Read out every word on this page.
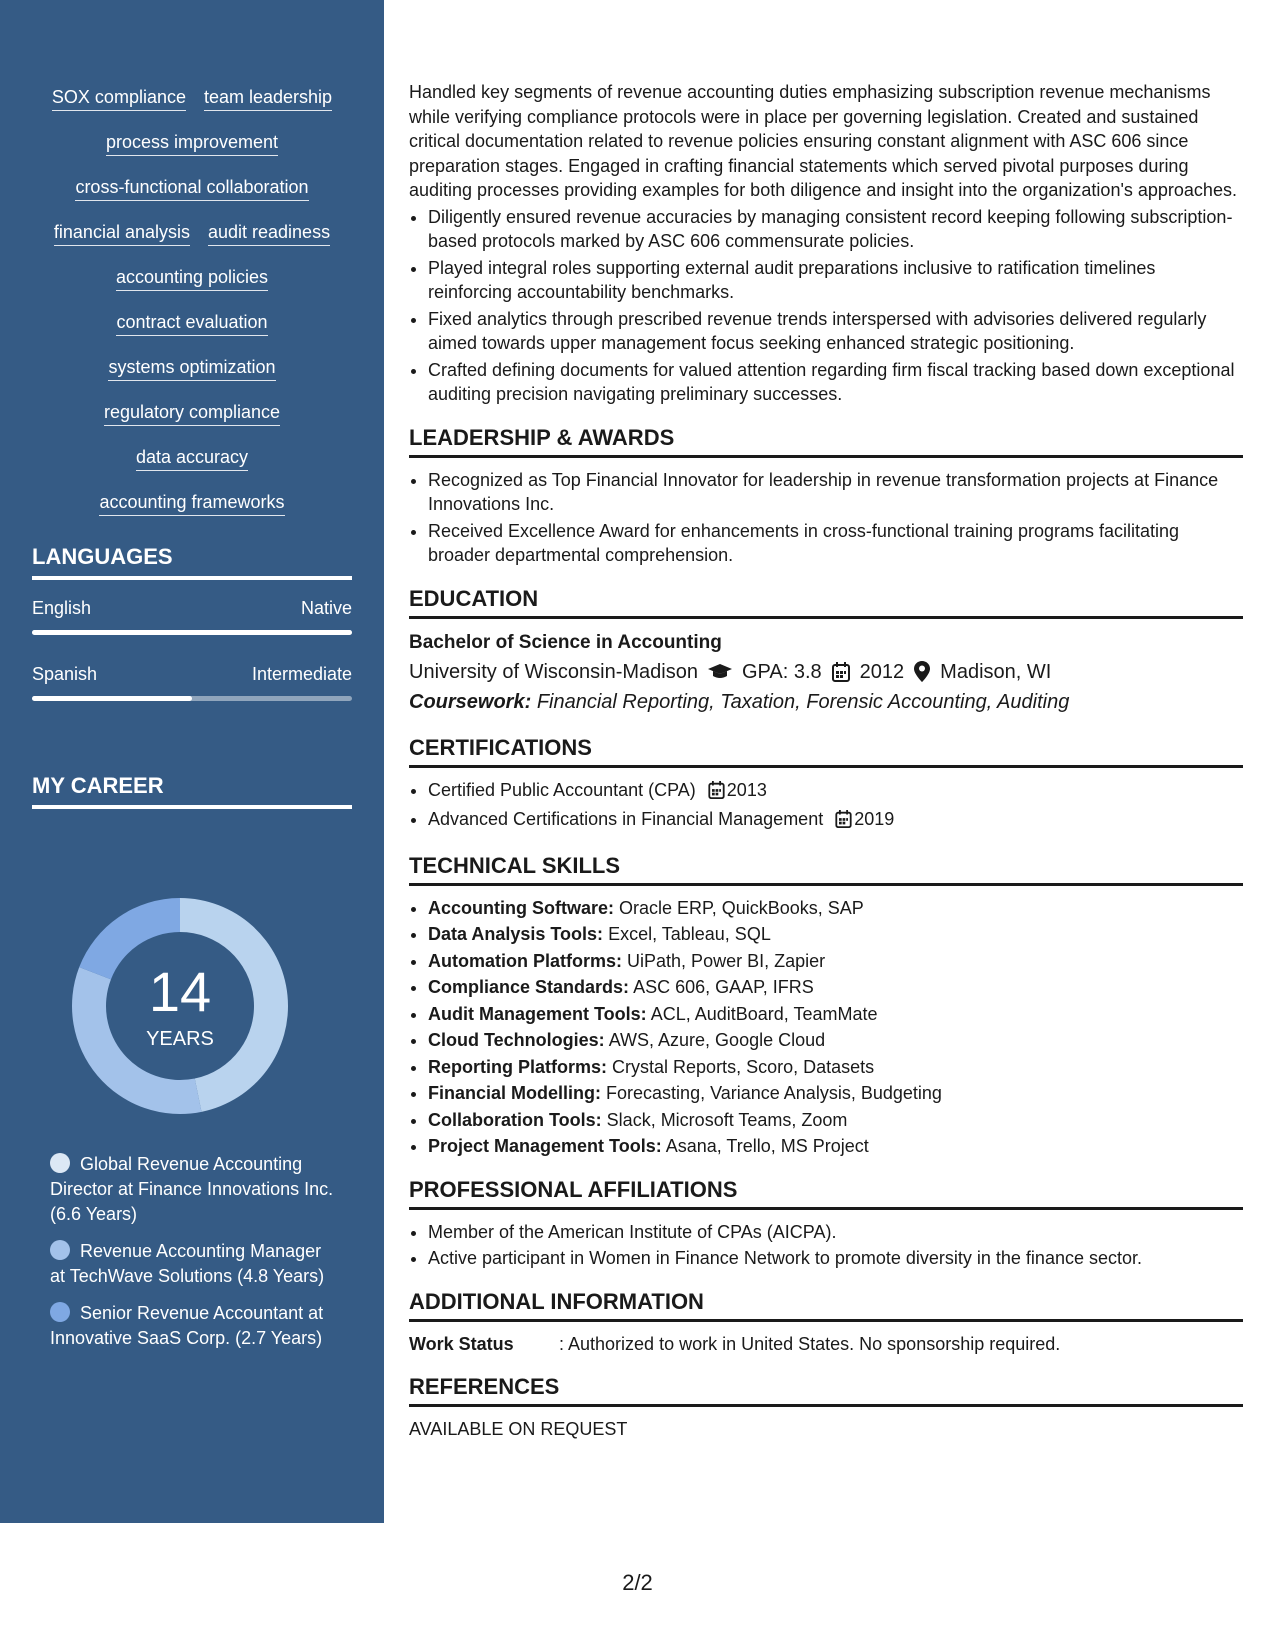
SOX compliance team leadership
process improvement
cross-functional collaboration
financial analysis audit readiness
accounting policies
contract evaluation
systems optimization
regulatory compliance
data accuracy
accounting frameworks
LANGUAGES
English	Native
Spanish	Intermediate
MY CAREER
14
YEARS
Global Revenue Accounting Director at Finance Innovations Inc. (6.6 Years)
Revenue Accounting Manager at TechWave Solutions (4.8 Years)
Senior Revenue Accountant at Innovative SaaS Corp. (2.7 Years)

Handled key segments of revenue accounting duties emphasizing subscription revenue mechanisms while verifying compliance protocols were in place per governing legislation. Created and sustained critical documentation related to revenue policies ensuring constant alignment with ASC 606 since preparation stages. Engaged in crafting financial statements which served pivotal purposes during auditing processes providing examples for both diligence and insight into the organization's approaches.

• Diligently ensured revenue accuracies by managing consistent record keeping following subscription-based protocols marked by ASC 606 commensurate policies.
• Played integral roles supporting external audit preparations inclusive to ratification timelines reinforcing accountability benchmarks.
• Fixed analytics through prescribed revenue trends interspersed with advisories delivered regularly aimed towards upper management focus seeking enhanced strategic positioning.
• Crafted defining documents for valued attention regarding firm fiscal tracking based down exceptional auditing precision navigating preliminary successes.
LEADERSHIP & AWARDS
• Recognized as Top Financial Innovator for leadership in revenue transformation projects at Finance Innovations Inc.
• Received Excellence Award for enhancements in cross-functional training programs facilitating broader departmental comprehension.
EDUCATION
Bachelor of Science in Accounting
University of Wisconsin-Madison GPA: 3.8 2012 Madison, WI
Coursework: Financial Reporting, Taxation, Forensic Accounting, Auditing
CERTIFICATIONS
• Certified Public Accountant (CPA) 2013
• Advanced Certifications in Financial Management 2019
TECHNICAL SKILLS
• Accounting Software: Oracle ERP, QuickBooks, SAP
• Data Analysis Tools: Excel, Tableau, SQL
• Automation Platforms: UiPath, Power BI, Zapier
• Compliance Standards: ASC 606, GAAP, IFRS
• Audit Management Tools: ACL, AuditBoard, TeamMate
• Cloud Technologies: AWS, Azure, Google Cloud
• Reporting Platforms: Crystal Reports, Scoro, Datasets
• Financial Modelling: Forecasting, Variance Analysis, Budgeting
• Collaboration Tools: Slack, Microsoft Teams, Zoom
• Project Management Tools: Asana, Trello, MS Project
PROFESSIONAL AFFILIATIONS
• Member of the American Institute of CPAs (AICPA).
• Active participant in Women in Finance Network to promote diversity in the finance sector.
ADDITIONAL INFORMATION
Work Status	: Authorized to work in United States. No sponsorship required.
REFERENCES
AVAILABLE ON REQUEST
2/2
